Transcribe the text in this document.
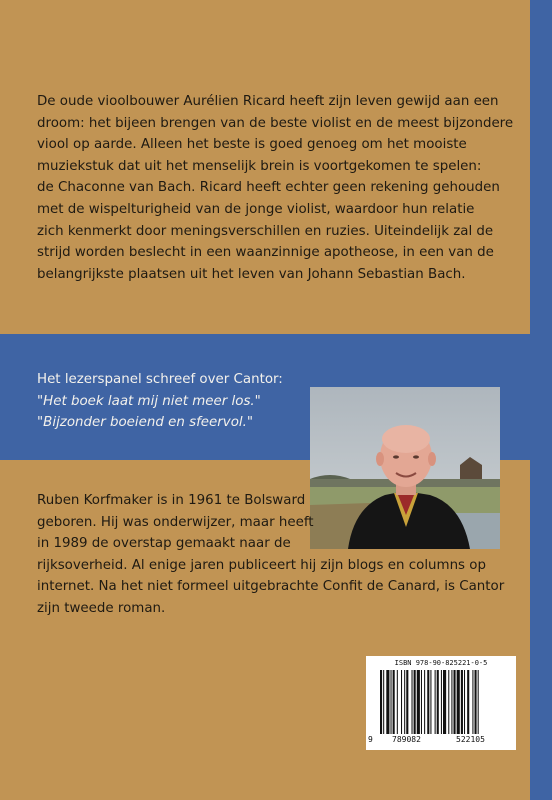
De oude vioolbouwer Aurélien Ricard heeft zijn leven gewijd aan een

droom: het bijeen brengen van de beste violist en de meest bijzondere

viool op aarde. Alleen het beste is goed genoeg om het mooiste

muziekstuk dat uit het menselijk brein is voortgekomen te spelen:

de Chaconne van Bach. Ricard heeft echter geen rekening gehouden

met de wispelturigheid van de jonge violist, waardoor hun relatie

zich kenmerkt door meningsverschillen en ruzies. Uiteindelijk zal de

strijd worden beslecht in een waanzinnige apotheose, in een van de

belangrijkste plaatsen uit het leven van Johann Sebastian Bach.

Het lezerspanel schreef over Cantor:

"Het boek laat mij niet meer los."

"Bijzonder boeiend en sfeervol."

Ruben Korfmaker is in 1961 te Bolsward

geboren. Hij was onderwijzer, maar heeft

in 1989 de overstap gemaakt naar de

rijksoverheid. Al enige jaren publiceert hij zijn blogs en columns op

internet. Na het niet formeel uitgebrachte Confit de Canard, is Cantor

zijn tweede roman.

ISBN 978-90-825221-0-5
9 789082	522105
